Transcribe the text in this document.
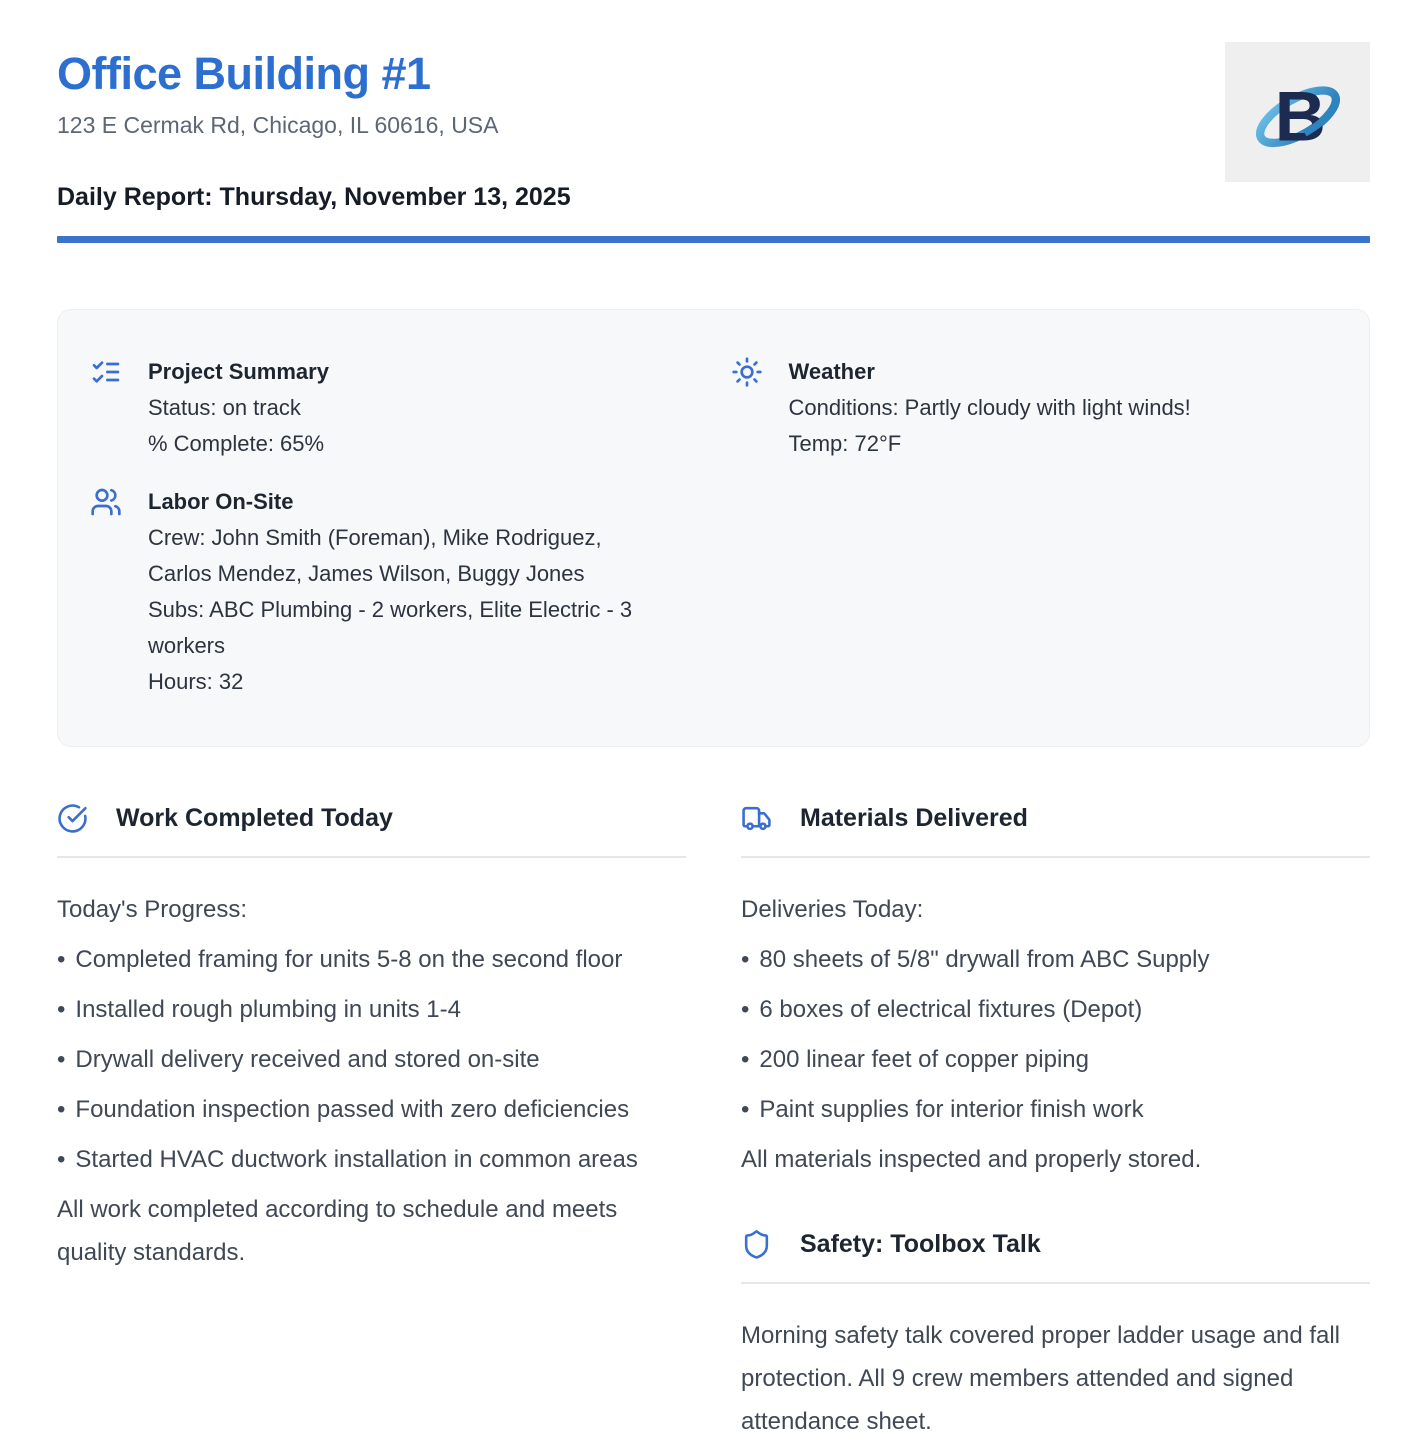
Office Building #1
123 E Cermak Rd, Chicago, IL 60616, USA
Daily Report: Thursday, November 13, 2025
B
Project Summary
Status: on track
% Complete: 65%
Labor On-Site
Crew: John Smith (Foreman), Mike Rodriguez, Carlos Mendez, James Wilson, Buggy Jones
Subs: ABC Plumbing - 2 workers, Elite Electric - 3 workers
Hours: 32
Weather
Conditions: Partly cloudy with light winds!
Temp: 72°F
Work Completed Today
Today's Progress:

• Completed framing for units 5-8 on the second floor

• Installed rough plumbing in units 1-4

• Drywall delivery received and stored on-site

• Foundation inspection passed with zero deficiencies

• Started HVAC ductwork installation in common areas

All work completed according to schedule and meets quality standards.
Materials Delivered
Deliveries Today:

• 80 sheets of 5/8" drywall from ABC Supply

• 6 boxes of electrical fixtures (Depot)

• 200 linear feet of copper piping

• Paint supplies for interior finish work

All materials inspected and properly stored.
Safety: Toolbox Talk
Morning safety talk covered proper ladder usage and fall protection. All 9 crew members attended and signed attendance sheet.
